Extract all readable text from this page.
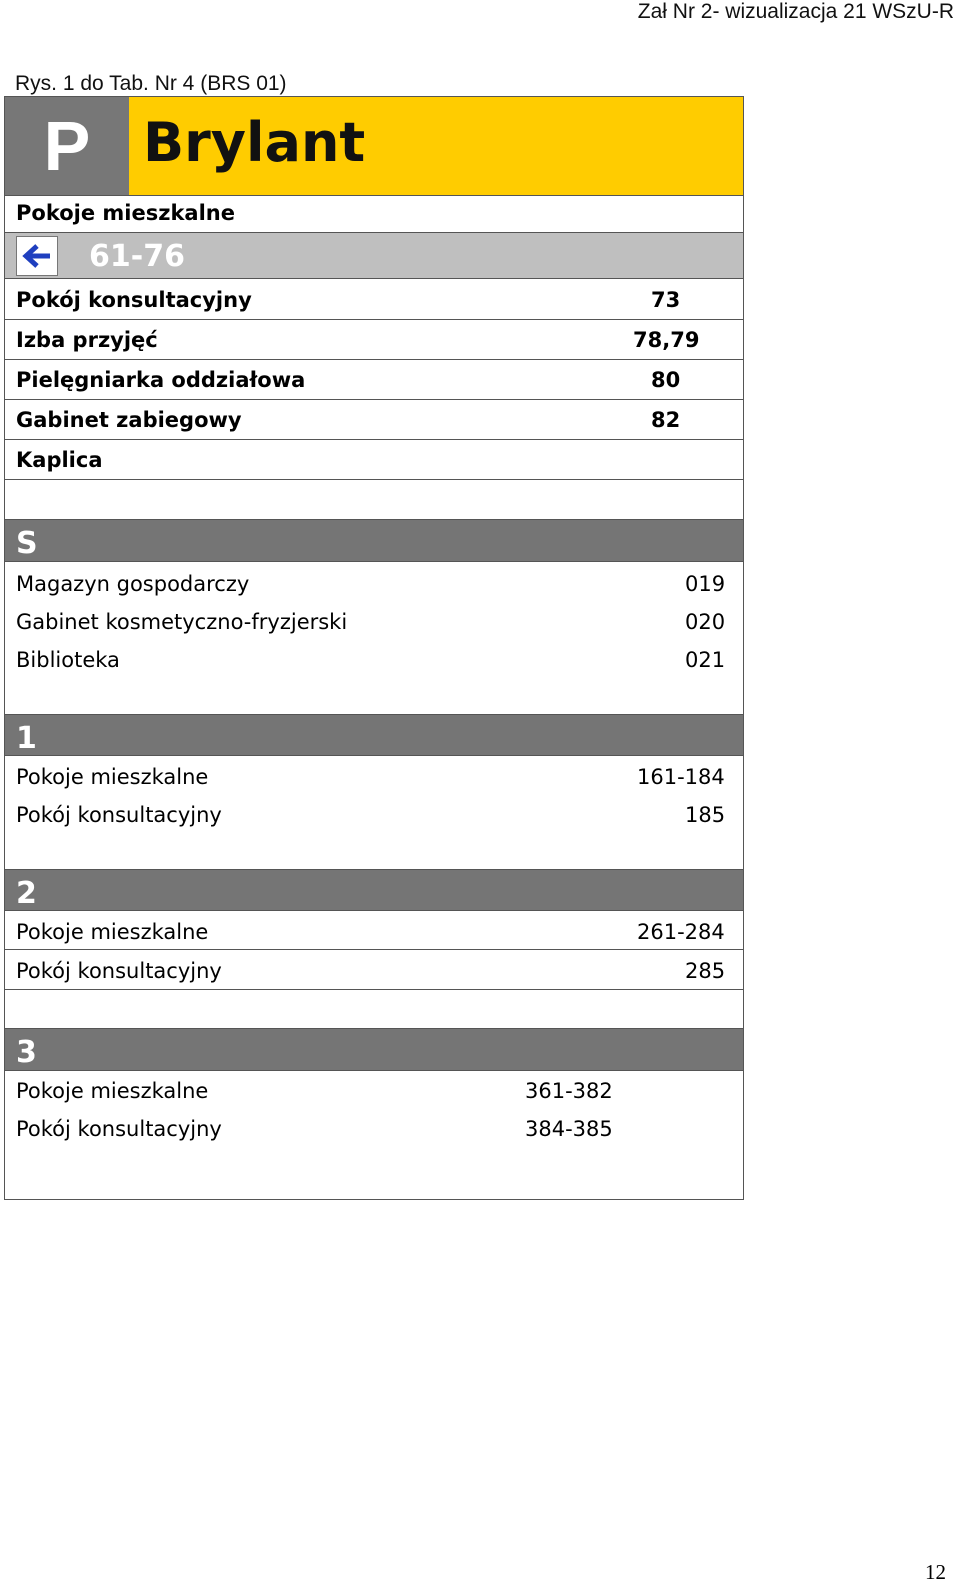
Zał Nr 2- wizualizacja 21 WSzU-R
Rys. 1 do Tab. Nr 4 (BRS 01)
P Brylant
Pokoje mieszkalne
61-76
Pokój konsultacyjny	73
Izba przyjęć	78,79
Pielęgniarka oddziałowa	80
Gabinet zabiegowy	82
Kaplica
S
Magazyn gospodarczy	019
Gabinet kosmetyczno-fryzjerski	020
Biblioteka	021
1
Pokoje mieszkalne	161-184
Pokój konsultacyjny	185
2
Pokoje mieszkalne	261-284
Pokój konsultacyjny	285
3
Pokoje mieszkalne	361-382
Pokój konsultacyjny	384-385
12
